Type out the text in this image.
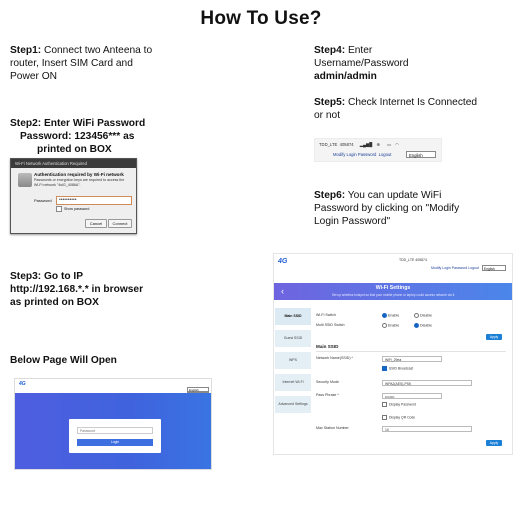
How To Use?
Step1: Connect two Anteena to router, Insert SIM Card and Power ON
Step2: Enter WiFi Password
Password: 123456*** as
printed on BOX
Wi-Fi Network Authentication Required
Authentication required by Wi-Fi network
Passwords or encryption keys are required to access the Wi-Fi network "4sIG_4086A".
Password	••••••••••
Show password
Cancel	Connect
Step3: Go to IP
http://192.168.*.* in browser
as printed on BOX
Below Page Will Open
4G
English
Password
Login
Step4: Enter
Username/Password
admin/admin
Step5: Check Internet Is Connected or not
TDD_LTE 405874 ▂▄▆█ ⊕ ▭ ◠
Modify Login Password Logout	English
Step6: You can update WiFi Password by clicking on "Modify Login Password"
4G	TDD_LTE 405874
Modify Login Password Logout	English
‹	Wi-Fi Settings
Set up wireless hotspot so that your mobile phone or laptop could access network via it
Main SSID
Guest SSID
WPS
Internet Wi-Fi
Advanced Settings
Wi-Fi Switch	Enable	Disable
Multi SSID Switch	Enable	Disable
Apply
Main SSID
Network Name(SSID) *	WiFi_29ea
SSID Broadcast
Security Mode	WPA2(AES)-PSK
Pass Phrase *	••••••••
Display Password
Display QR Code
Max Station Number	10
Apply
